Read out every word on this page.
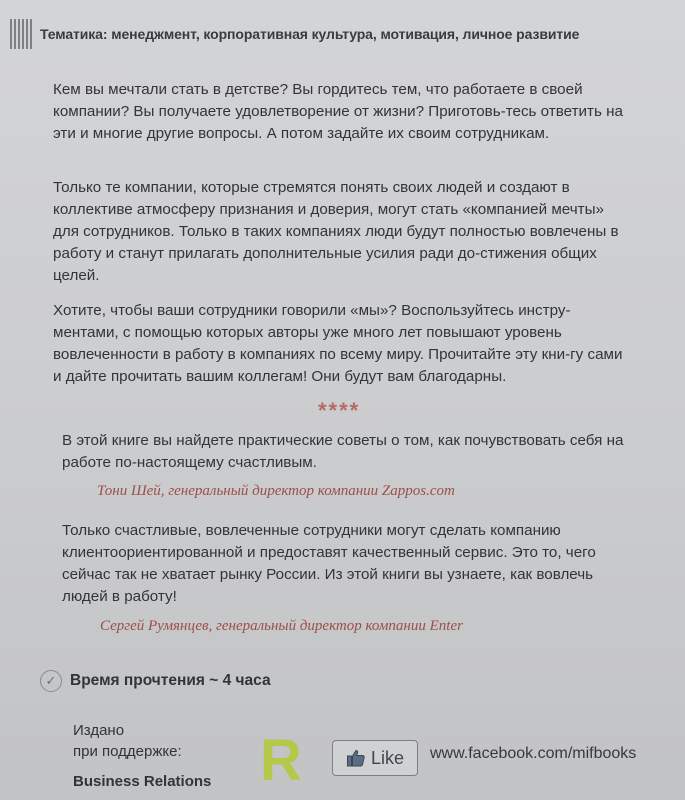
Тематика: менеджмент, корпоративная культура, мотивация, личное развитие
Кем вы мечтали стать в детстве? Вы гордитесь тем, что работаете в своей компании? Вы получаете удовлетворение от жизни? Приготовь-тесь ответить на эти и многие другие вопросы. А потом задайте их своим сотрудникам.
Только те компании, которые стремятся понять своих людей и создают в коллективе атмосферу признания и доверия, могут стать «компанией мечты» для сотрудников. Только в таких компаниях люди будут полностью вовлечены в работу и станут прилагать дополнительные усилия ради до-стижения общих целей.
Хотите, чтобы ваши сотрудники говорили «мы»? Воспользуйтесь инстру-ментами, с помощью которых авторы уже много лет повышают уровень вовлеченности в работу в компаниях по всему миру. Прочитайте эту кни-гу сами и дайте прочитать вашим коллегам! Они будут вам благодарны.
****
В этой книге вы найдете практические советы о том, как почувствовать себя на работе по-настоящему счастливым.
Тони Шей, генеральный директор компании Zappos.com
Только счастливые, вовлеченные сотрудники могут сделать компанию клиентоориентированной и предоставят качественный сервис. Это то, чего сейчас так не хватает рынку России. Из этой книги вы узнаете, как вовлечь людей в работу!
Сергей Румянцев, генеральный директор компании Enter
✓ Время прочтения ~ 4 часа
Издано
при поддержке:
Business Relations R	Like www.facebook.com/mifbooks
